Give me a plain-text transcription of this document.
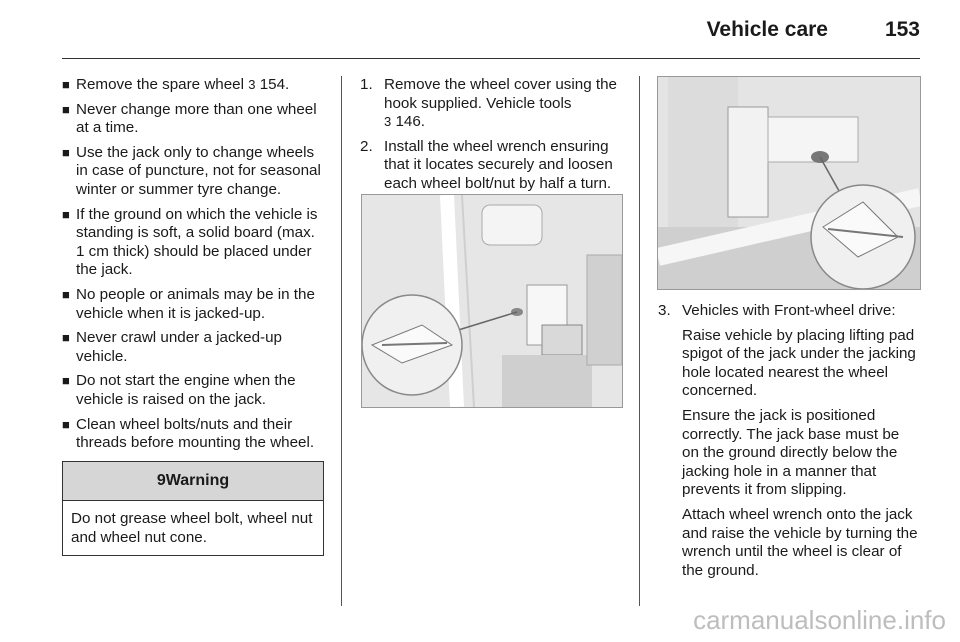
Vehicle care	153
■ Remove the spare wheel 3 154.
■ Never change more than one wheel at a time.
■ Use the jack only to change wheels in case of puncture, not for seasonal winter or summer tyre change.
■ If the ground on which the vehicle is standing is soft, a solid board (max. 1 cm thick) should be placed under the jack.
■ No people or animals may be in the vehicle when it is jacked-up.
■ Never crawl under a jacked-up vehicle.
■ Do not start the engine when the vehicle is raised on the jack.
■ Clean wheel bolts/nuts and their threads before mounting the wheel.
9 Warning
Do not grease wheel bolt, wheel nut and wheel nut cone.
1. Remove the wheel cover using the hook supplied. Vehicle tools
3 146.
2. Install the wheel wrench ensuring that it locates securely and loosen each wheel bolt/nut by half a turn.
3. Vehicles with Front-wheel drive:
Raise vehicle by placing lifting pad spigot of the jack under the jacking hole located nearest the wheel concerned.
Ensure the jack is positioned correctly. The jack base must be on the ground directly below the jacking hole in a manner that prevents it from slipping.
Attach wheel wrench onto the jack and raise the vehicle by turning the wrench until the wheel is clear of the ground.
carmanualsonline.info
